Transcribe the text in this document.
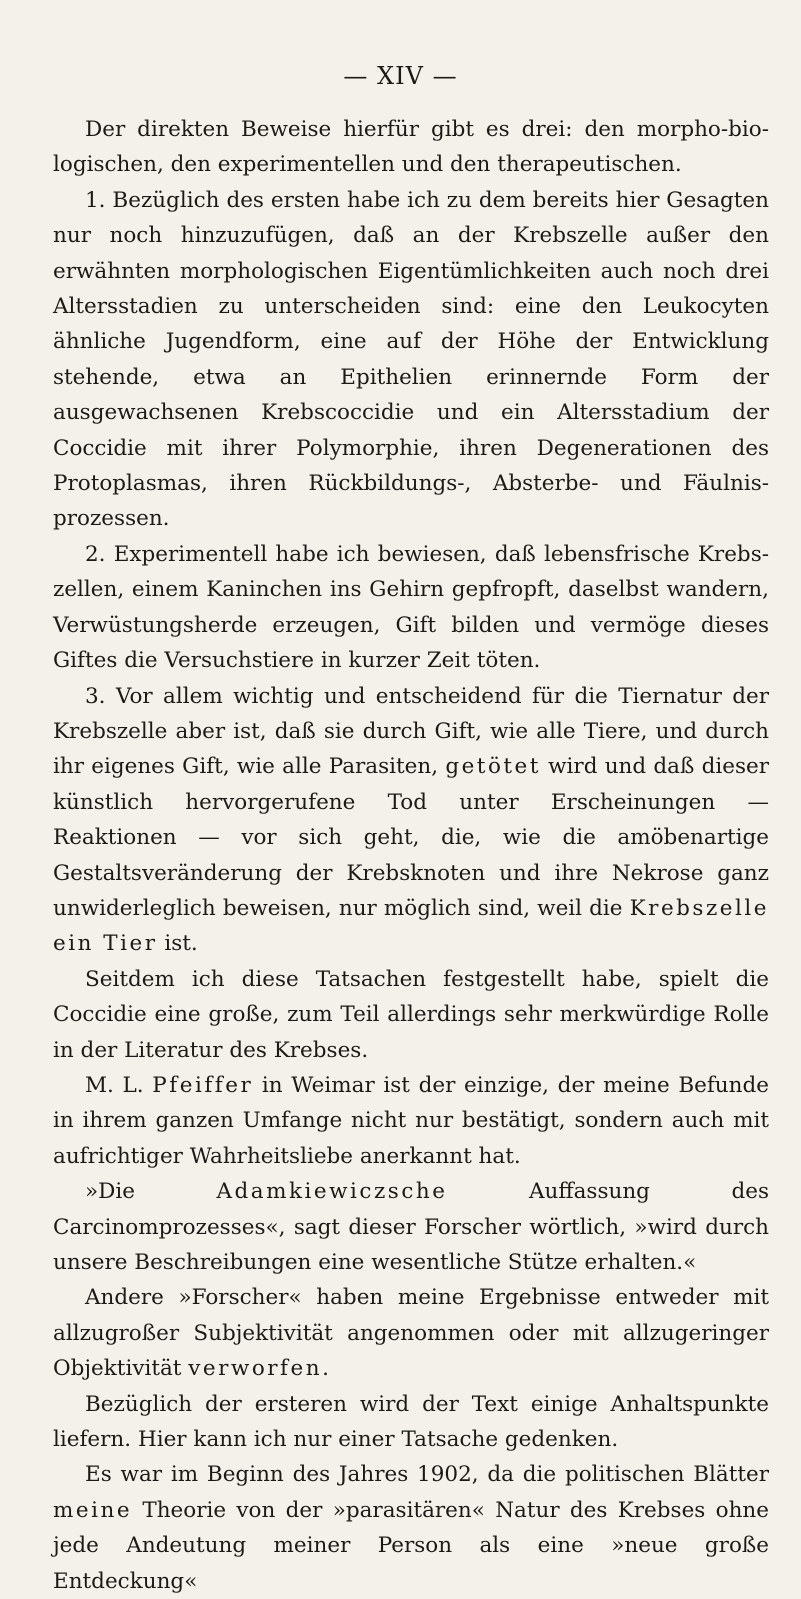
— XIV —

Der direkten Beweise hierfür gibt es drei: den morpho-biologischen, den experimentellen und den therapeutischen.

1. Bezüglich des ersten habe ich zu dem bereits hier Gesagten nur noch hinzuzufügen, daß an der Krebszelle außer den erwähnten morphologischen Eigentümlichkeiten auch noch drei Altersstadien zu unterscheiden sind: eine den Leukocyten ähnliche Jugendform, eine auf der Höhe der Entwicklung stehende, etwa an Epithelien erinnernde Form der ausgewachsenen Krebscoccidie und ein Altersstadium der Coccidie mit ihrer Polymorphie, ihren Degenerationen des Protoplasmas, ihren Rückbildungs-, Absterbe- und Fäulnisprozessen.

2. Experimentell habe ich bewiesen, daß lebensfrische Krebszellen, einem Kaninchen ins Gehirn gepfropft, daselbst wandern, Verwüstungsherde erzeugen, Gift bilden und vermöge dieses Giftes die Versuchstiere in kurzer Zeit töten.

3. Vor allem wichtig und entscheidend für die Tiernatur der Krebszelle aber ist, daß sie durch Gift, wie alle Tiere, und durch ihr eigenes Gift, wie alle Parasiten, getötet wird und daß dieser künstlich hervorgerufene Tod unter Erscheinungen — Reaktionen — vor sich geht, die, wie die amöbenartige Gestaltsveränderung der Krebsknoten und ihre Nekrose ganz unwiderleglich beweisen, nur möglich sind, weil die Krebszelle ein Tier ist.

Seitdem ich diese Tatsachen festgestellt habe, spielt die Coccidie eine große, zum Teil allerdings sehr merkwürdige Rolle in der Literatur des Krebses.

M. L. Pfeiffer in Weimar ist der einzige, der meine Befunde in ihrem ganzen Umfange nicht nur bestätigt, sondern auch mit aufrichtiger Wahrheitsliebe anerkannt hat.

»Die Adamkiewiczsche Auffassung des Carcinomprozesses«, sagt dieser Forscher wörtlich, »wird durch unsere Beschreibungen eine wesentliche Stütze erhalten.«

Andere »Forscher« haben meine Ergebnisse entweder mit allzugroßer Subjektivität angenommen oder mit allzugeringer Objektivität verworfen.

Bezüglich der ersteren wird der Text einige Anhaltspunkte liefern. Hier kann ich nur einer Tatsache gedenken.

Es war im Beginn des Jahres 1902, da die politischen Blätter meine Theorie von der »parasitären« Natur des Krebses ohne jede Andeutung meiner Person als eine »neue große Entdeckung«
